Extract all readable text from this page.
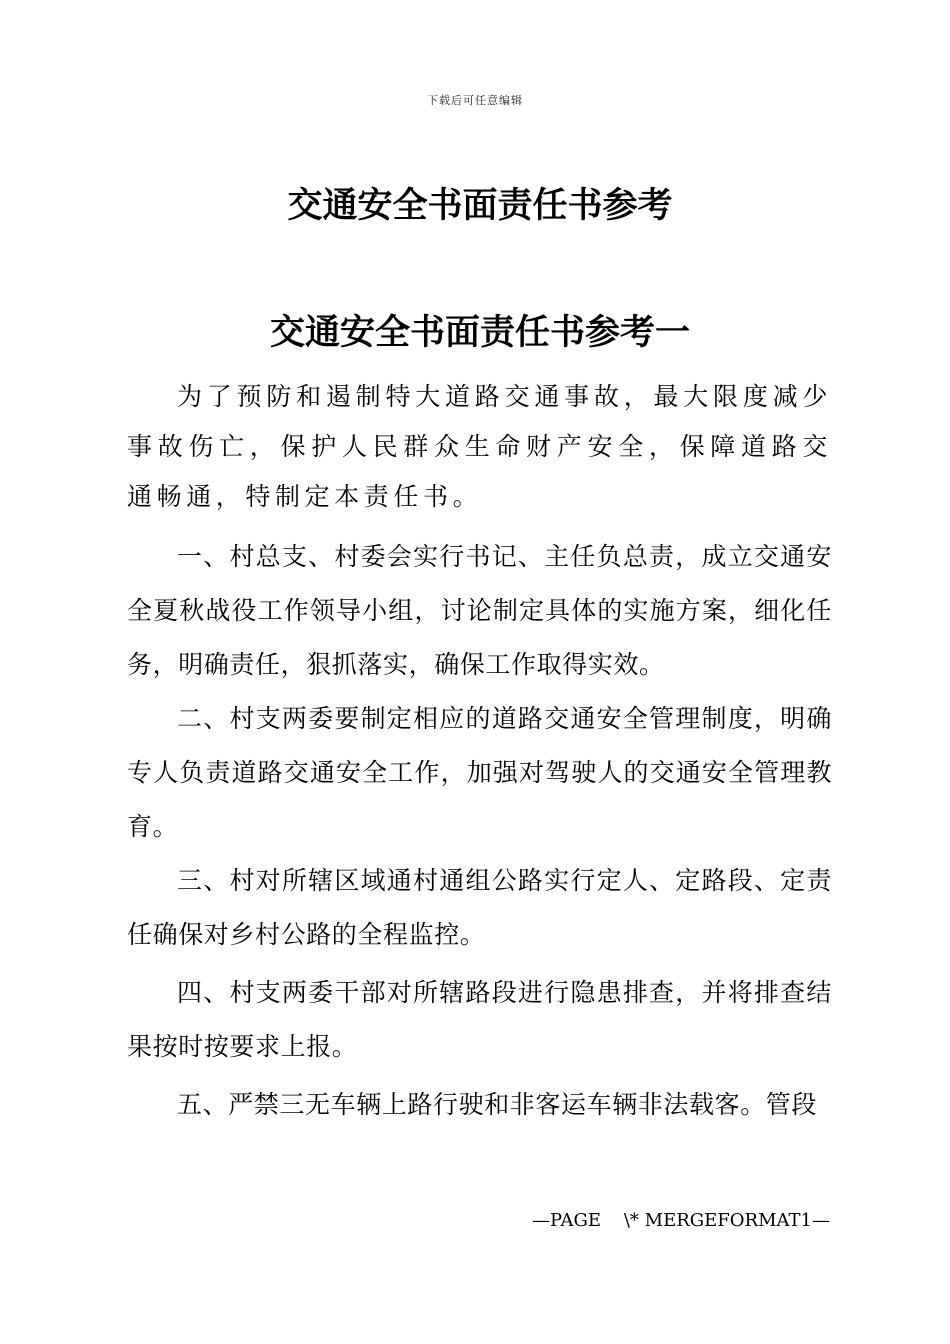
下载后可任意编辑
交通安全书面责任书参考
交通安全书面责任书参考一

为了预防和遏制特大道路交通事故，最大限度减少事故伤亡，保护人民群众生命财产安全，保障道路交通畅通，特制定本责任书。

一、村总支、村委会实行书记、主任负总责，成立交通安全夏秋战役工作领导小组，讨论制定具体的实施方案，细化任务，明确责任，狠抓落实，确保工作取得实效。

二、村支两委要制定相应的道路交通安全管理制度，明确专人负责道路交通安全工作，加强对驾驶人的交通安全管理教育。

三、村对所辖区域通村通组公路实行定人、定路段、定责任确保对乡村公路的全程监控。

四、村支两委干部对所辖路段进行隐患排查，并将排查结果按时按要求上报。

五、严禁三无车辆上路行驶和非客运车辆非法载客。管段

—PAGE    \* MERGEFORMAT1—
